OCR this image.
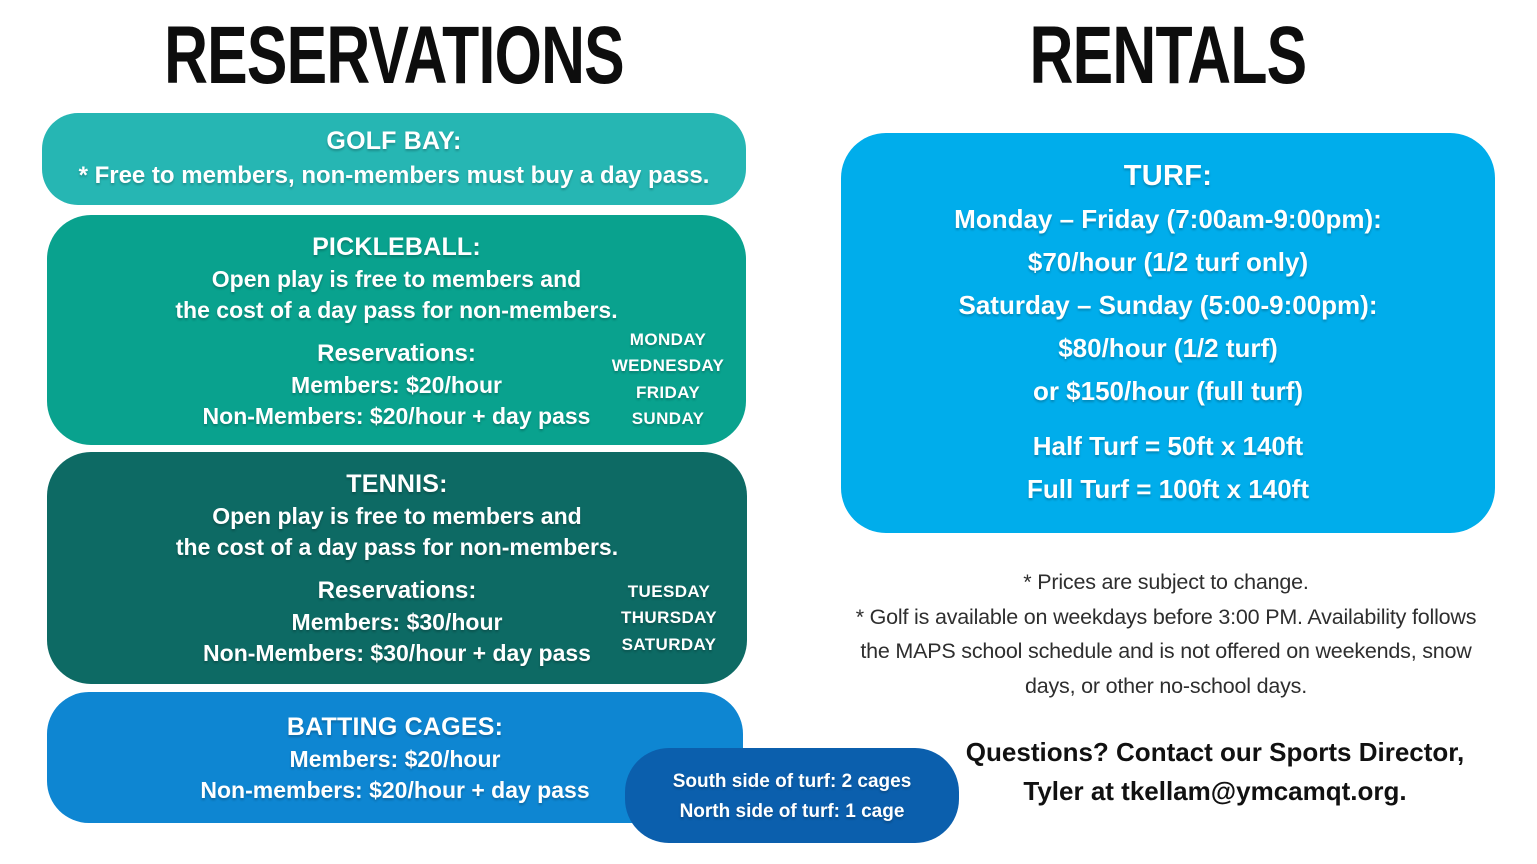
RESERVATIONS	RENTALS
GOLF BAY:
* Free to members, non-members must buy a day pass.
PICKLEBALL:
Open play is free to members and
the cost of a day pass for non-members.
Reservations:
Members: $20/hour
Non-Members: $20/hour + day pass
MONDAY
WEDNESDAY
FRIDAY
SUNDAY
TENNIS:
Open play is free to members and
the cost of a day pass for non-members.
Reservations:
Members: $30/hour
Non-Members: $30/hour + day pass
TUESDAY
THURSDAY
SATURDAY
BATTING CAGES:
Members: $20/hour
Non-members: $20/hour + day pass	South side of turf: 2 cages
North side of turf: 1 cage
TURF:
Monday – Friday (7:00am-9:00pm):
$70/hour (1/2 turf only)
Saturday – Sunday (5:00-9:00pm):
$80/hour (1/2 turf)
or $150/hour (full turf)
Half Turf = 50ft x 140ft
Full Turf = 100ft x 140ft
* Prices are subject to change.
* Golf is available on weekdays before 3:00 PM. Availability follows
the MAPS school schedule and is not offered on weekends, snow
days, or other no-school days.
Questions? Contact our Sports Director,
Tyler at tkellam@ymcamqt.org.
